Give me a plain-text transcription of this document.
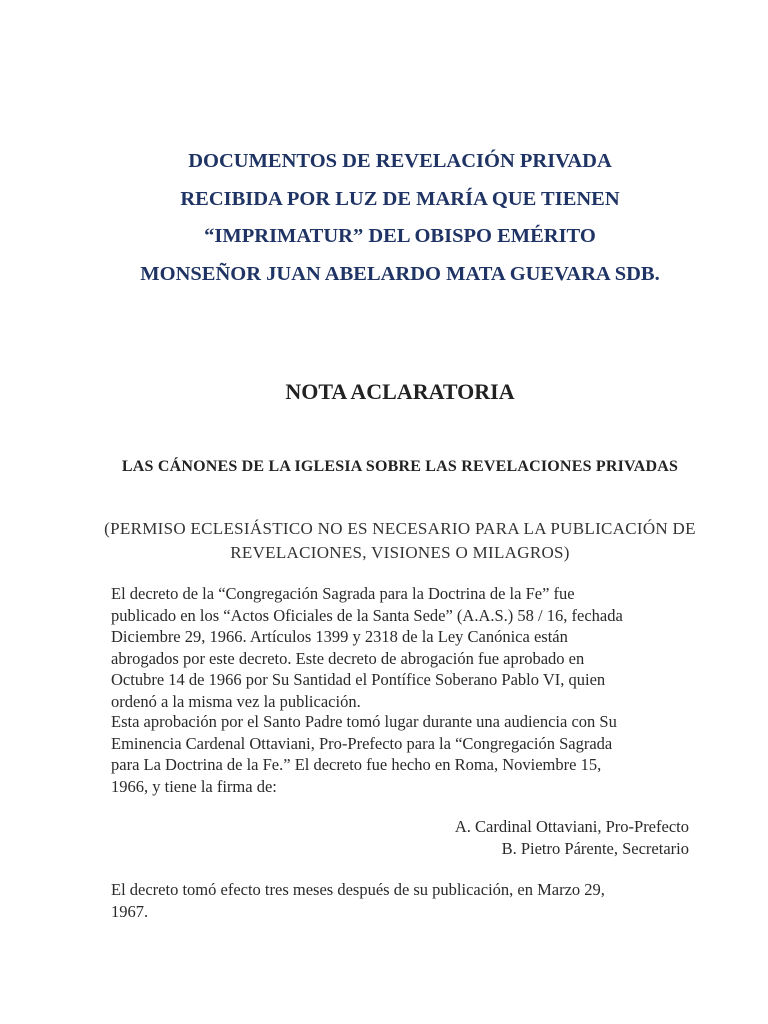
DOCUMENTOS DE REVELACIÓN PRIVADA
RECIBIDA POR LUZ DE MARÍA QUE TIENEN
“IMPRIMATUR” DEL OBISPO EMÉRITO
MONSEÑOR JUAN ABELARDO MATA GUEVARA SDB.
NOTA ACLARATORIA
LAS CÁNONES DE LA IGLESIA SOBRE LAS REVELACIONES PRIVADAS

(PERMISO ECLESIÁSTICO NO ES NECESARIO PARA LA PUBLICACIÓN DE REVELACIONES, VISIONES O MILAGROS)

El decreto de la “Congregación Sagrada para la Doctrina de la Fe” fue
publicado en los “Actos Oficiales de la Santa Sede” (A.A.S.) 58 / 16, fechada
Diciembre 29, 1966. Artículos 1399 y 2318 de la Ley Canónica están
abrogados por este decreto. Este decreto de abrogación fue aprobado en
Octubre 14 de 1966 por Su Santidad el Pontífice Soberano Pablo VI, quien
ordenó a la misma vez la publicación.

Esta aprobación por el Santo Padre tomó lugar durante una audiencia con Su
Eminencia Cardenal Ottaviani, Pro-Prefecto para la “Congregación Sagrada
para La Doctrina de la Fe.” El decreto fue hecho en Roma, Noviembre 15,
1966, y tiene la firma de:

A. Cardinal Ottaviani, Pro-Prefecto
B. Pietro Párente, Secretario

El decreto tomó efecto tres meses después de su publicación, en Marzo 29,
1967.
